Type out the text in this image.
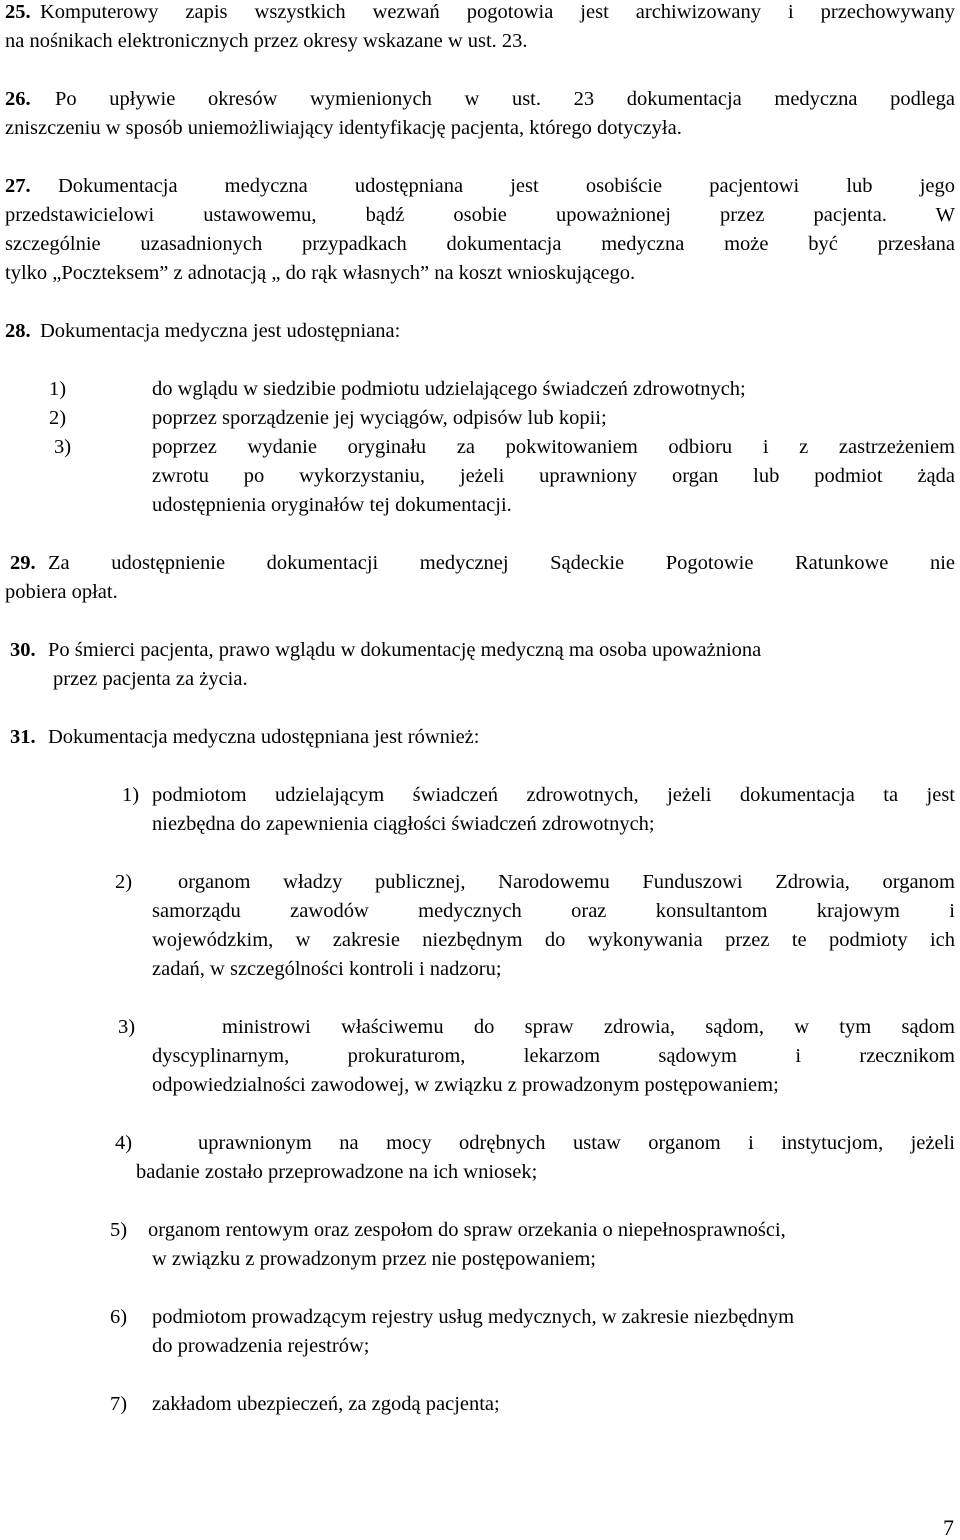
25. Komputerowy zapis wszystkich wezwań pogotowia jest archiwizowany i przechowywany
na nośnikach elektronicznych przez okresy wskazane w ust. 23.
26. Po upływie okresów wymienionych w ust. 23 dokumentacja medyczna podlega
zniszczeniu w sposób uniemożliwiający identyfikację pacjenta, którego dotyczyła.
27. Dokumentacja medyczna udostępniana jest osobiście pacjentowi lub jego
przedstawicielowi ustawowemu, bądź osobie upoważnionej przez pacjenta. W
szczególnie uzasadnionych przypadkach dokumentacja medyczna może być przesłana
tylko „Poczteksem” z adnotacją „ do rąk własnych” na koszt wnioskującego.
28. Dokumentacja medyczna jest udostępniana:
1)	do wglądu w siedzibie podmiotu udzielającego świadczeń zdrowotnych;
2)	poprzez sporządzenie jej wyciągów, odpisów lub kopii;
3)	poprzez wydanie oryginału za pokwitowaniem odbioru i z zastrzeżeniem
zwrotu po wykorzystaniu, jeżeli uprawniony organ lub podmiot żąda
udostępnienia oryginałów tej dokumentacji.
29. Za udostępnienie dokumentacji medycznej Sądeckie Pogotowie Ratunkowe nie
pobiera opłat.
30. Po śmierci pacjenta, prawo wglądu w dokumentację medyczną ma osoba upoważniona
przez pacjenta za życia.
31. Dokumentacja medyczna udostępniana jest również:
1) podmiotom udzielającym świadczeń zdrowotnych, jeżeli dokumentacja ta jest
niezbędna do zapewnienia ciągłości świadczeń zdrowotnych;
2) organom władzy publicznej, Narodowemu Funduszowi Zdrowia, organom
samorządu zawodów medycznych oraz konsultantom krajowym i
wojewódzkim, w zakresie niezbędnym do wykonywania przez te podmioty ich
zadań, w szczególności kontroli i nadzoru;
3)	ministrowi właściwemu do spraw zdrowia, sądom, w tym sądom
dyscyplinarnym, prokuraturom, lekarzom sądowym i rzecznikom
odpowiedzialności zawodowej, w związku z prowadzonym postępowaniem;
4)	uprawnionym na mocy odrębnych ustaw organom i instytucjom, jeżeli
badanie zostało przeprowadzone na ich wniosek;
5) organom rentowym oraz zespołom do spraw orzekania o niepełnosprawności,
w związku z prowadzonym przez nie postępowaniem;
6) podmiotom prowadzącym rejestry usług medycznych, w zakresie niezbędnym
do prowadzenia rejestrów;
7) zakładom ubezpieczeń, za zgodą pacjenta;
7
